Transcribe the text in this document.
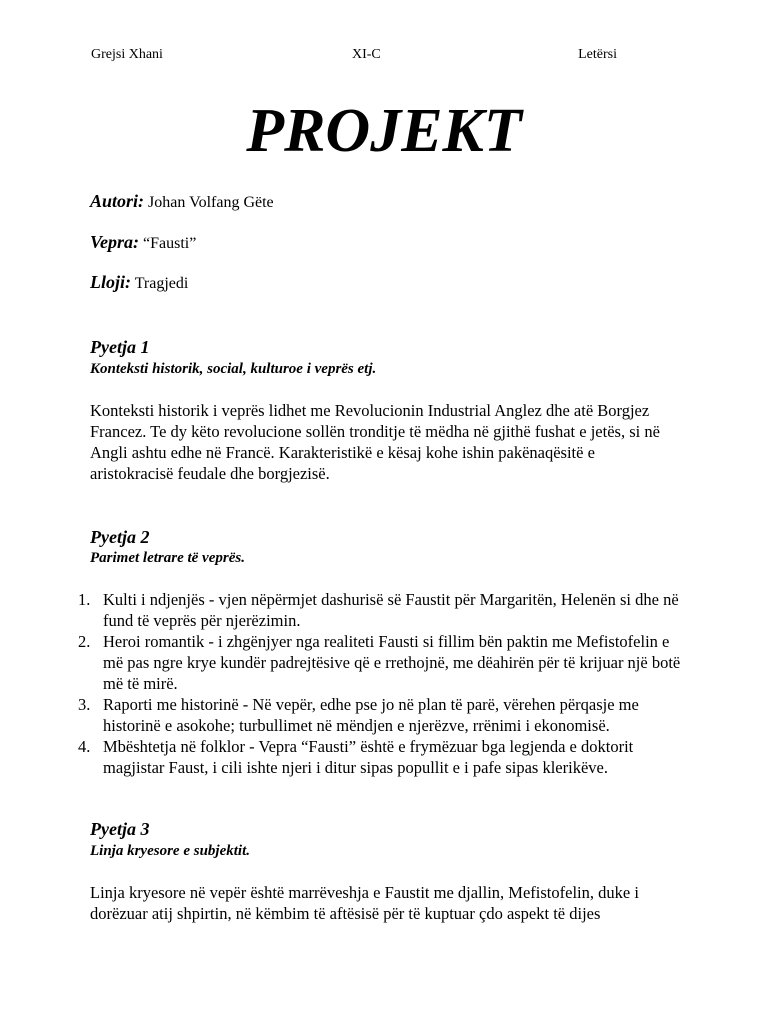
Grejsi Xhani	XI-C	Letërsi
PROJEKT
Autori: Johan Volfang Gëte
Vepra: “Fausti”
Lloji: Tragjedi
Pyetja 1
Konteksti historik, social, kulturoe i veprës etj.

Konteksti historik i veprës lidhet me Revolucionin Industrial Anglez dhe atë Borgjez Francez. Te dy këto revolucione sollën tronditje të mëdha në gjithë fushat e jetës, si në Angli ashtu edhe në Francë. Karakteristikë e kësaj kohe ishin pakënaqësitë e aristokracisë feudale dhe borgjezisë.

Pyetja 2
Parimet letrare të veprës.
1. Kulti i ndjenjës - vjen nëpërmjet dashurisë së Faustit për Margaritën, Helenën si dhe në fund të veprës për njerëzimin.
2. Heroi romantik - i zhgënjyer nga realiteti Fausti si fillim bën paktin me Mefistofelin e më pas ngre krye kundër padrejtësive që e rrethojnë, me dëahirën për të krijuar një botë më të mirë.
3. Raporti me historinë - Në vepër, edhe pse jo në plan të parë, vërehen përqasje me historinë e asokohe; turbullimet në mëndjen e njerëzve, rrënimi i ekonomisë.
4. Mbështetja në folklor - Vepra “Fausti” është e frymëzuar bga legjenda e doktorit magjistar Faust, i cili ishte njeri i ditur sipas popullit e i pafe sipas klerikëve.
Pyetja 3
Linja kryesore e subjektit.

Linja kryesore në vepër është marrëveshja e Faustit me djallin, Mefistofelin, duke i dorëzuar atij shpirtin, në këmbim të aftësisë për të kuptuar çdo aspekt të dijes
